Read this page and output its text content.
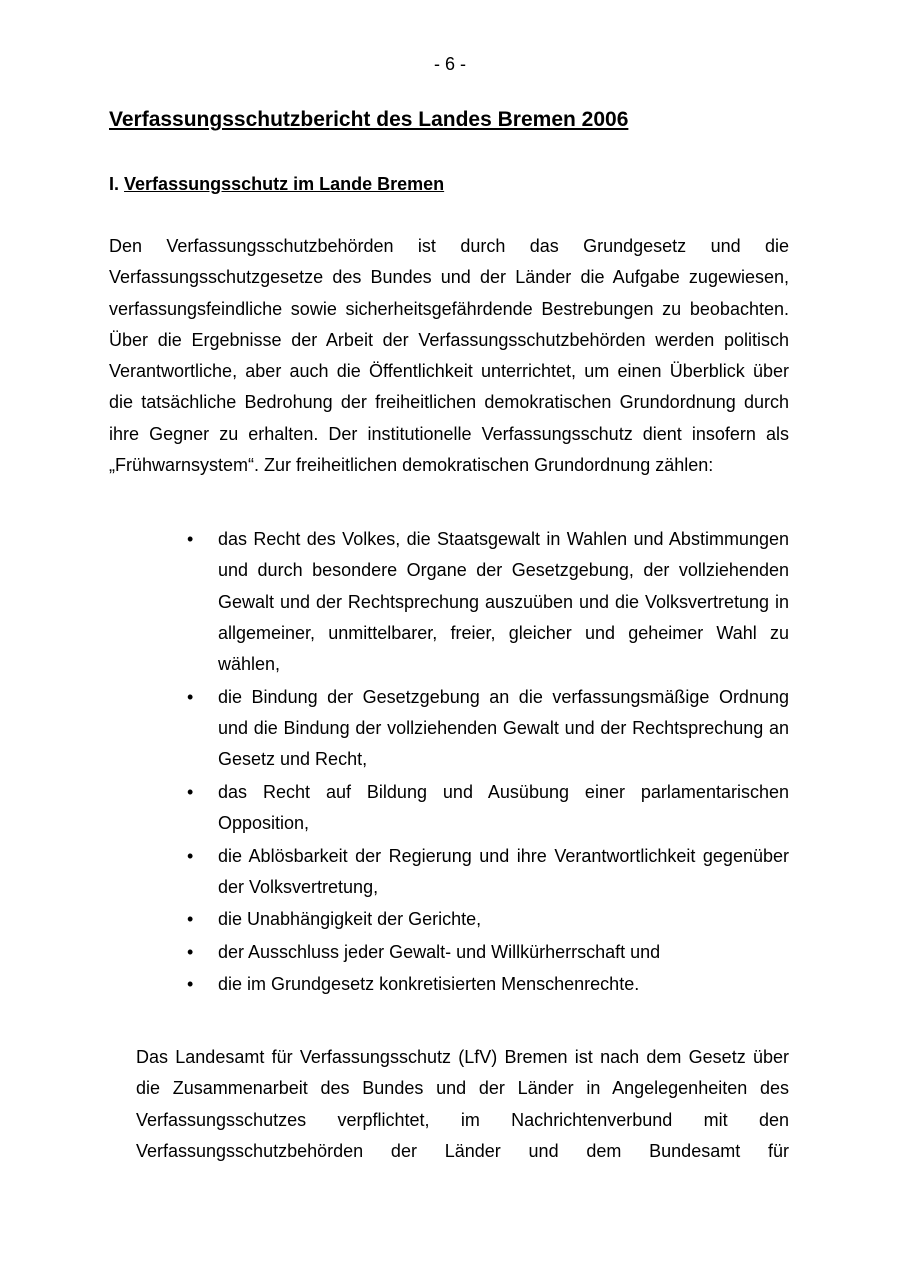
- 6 -
Verfassungsschutzbericht des Landes Bremen 2006
I. Verfassungsschutz im Lande Bremen
Den Verfassungsschutzbehörden ist durch das Grundgesetz und die
Verfassungsschutzgesetze des Bundes und der Länder die Aufgabe zugewiesen,
verfassungsfeindliche sowie sicherheitsgefährdende Bestrebungen zu beobachten.
Über die Ergebnisse der Arbeit der Verfassungsschutzbehörden werden politisch
Verantwortliche, aber auch die Öffentlichkeit unterrichtet, um einen Überblick über
die tatsächliche Bedrohung der freiheitlichen demokratischen Grundordnung durch
ihre Gegner zu erhalten. Der institutionelle Verfassungsschutz dient insofern als
„Frühwarnsystem“. Zur freiheitlichen demokratischen Grundordnung zählen:
• das Recht des Volkes, die Staatsgewalt in Wahlen und Abstimmungen
und durch besondere Organe der Gesetzgebung, der vollziehenden
Gewalt und der Rechtsprechung auszuüben und die Volksvertretung in
allgemeiner, unmittelbarer, freier, gleicher und geheimer Wahl zu
wählen,
• die Bindung der Gesetzgebung an die verfassungsmäßige Ordnung
und die Bindung der vollziehenden Gewalt und der Rechtsprechung an
Gesetz und Recht,
• das Recht auf Bildung und Ausübung einer parlamentarischen
Opposition,
• die Ablösbarkeit der Regierung und ihre Verantwortlichkeit gegenüber
der Volksvertretung,
• die Unabhängigkeit der Gerichte,
• der Ausschluss jeder Gewalt- und Willkürherrschaft und
• die im Grundgesetz konkretisierten Menschenrechte.
Das Landesamt für Verfassungsschutz (LfV) Bremen ist nach dem Gesetz über
die Zusammenarbeit des Bundes und der Länder in Angelegenheiten des
Verfassungsschutzes verpflichtet, im Nachrichtenverbund mit den
Verfassungsschutzbehörden der Länder und dem Bundesamt für
